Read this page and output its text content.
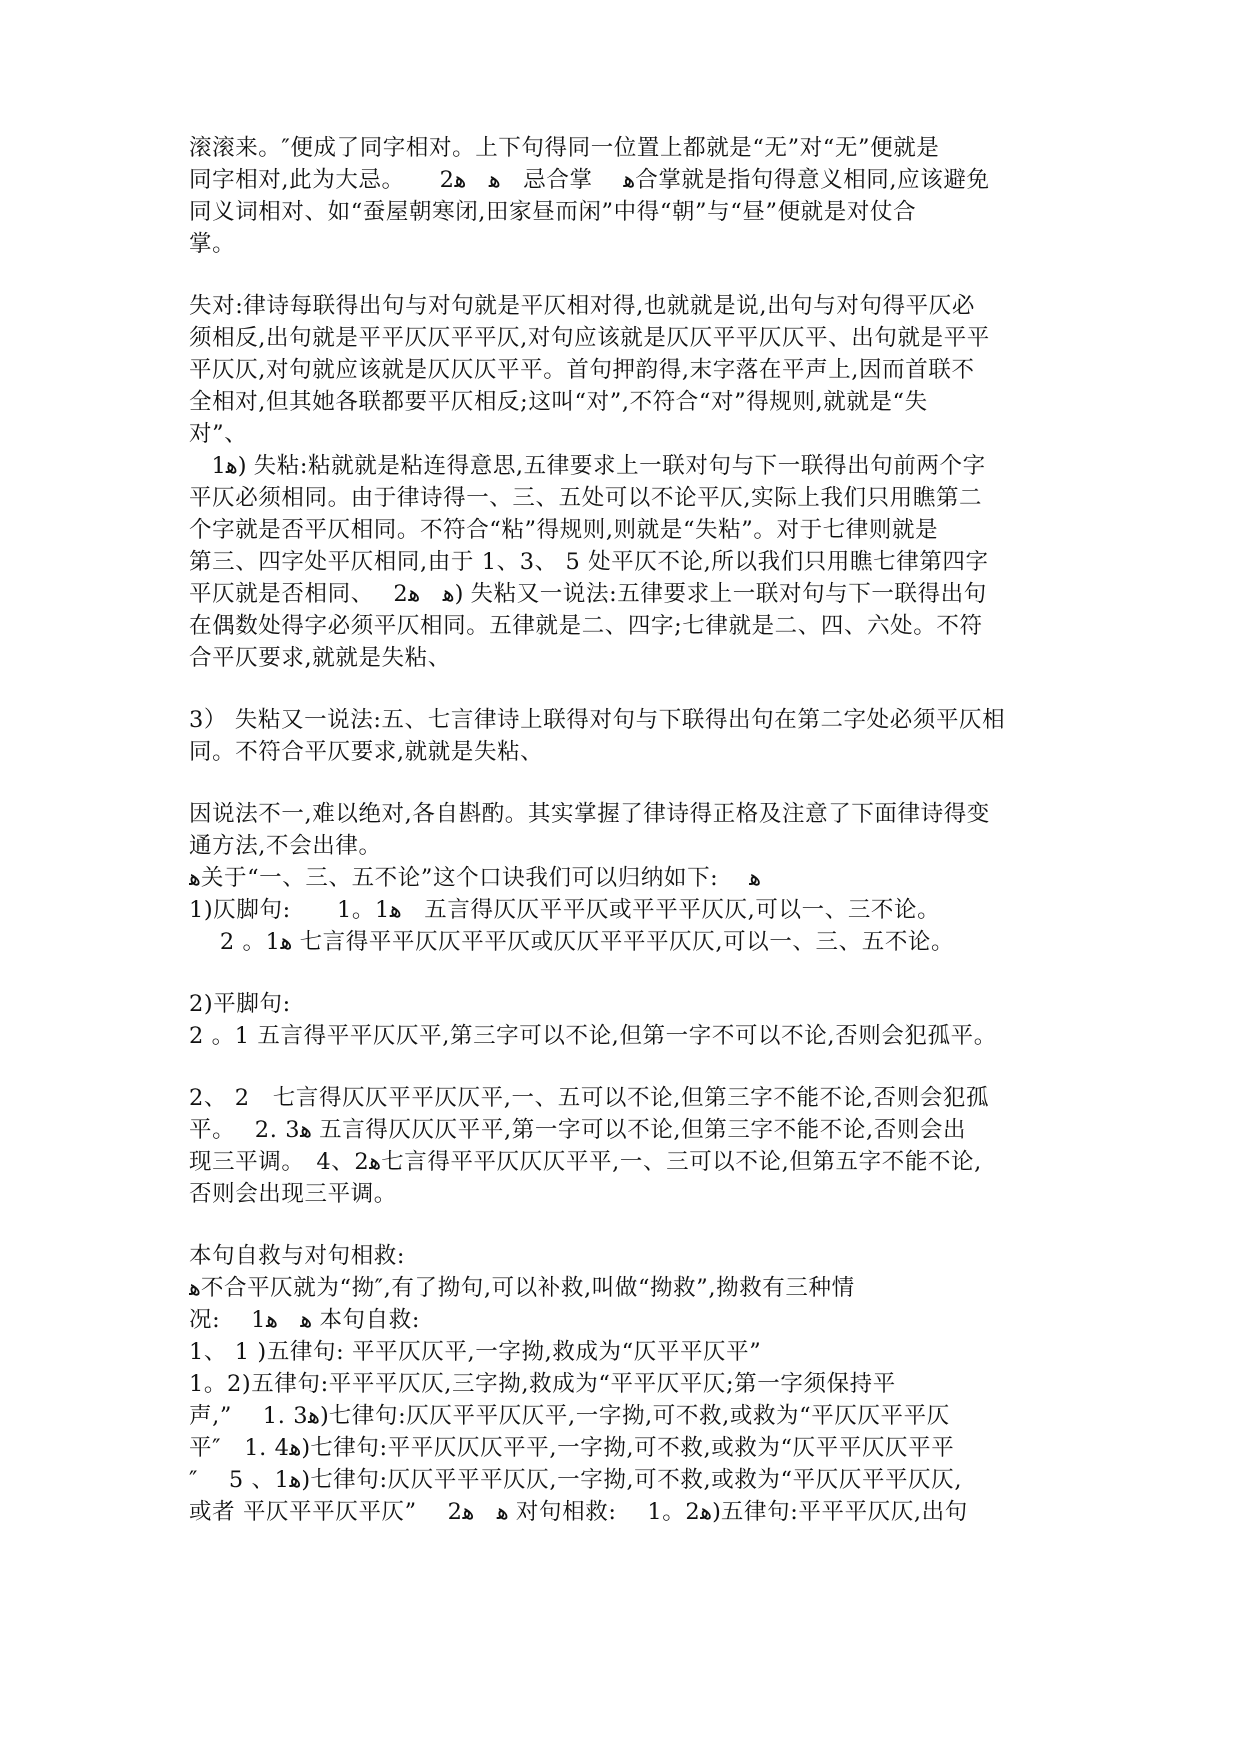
滚滚来。″便成了同字相对。上下句得同一位置上都就是“无”对“无”便就是
同字相对,此为大忌。　　2ﻫ　ﻫ　忌合掌　 ﻫ合掌就是指句得意义相同,应该避免
同义词相对、如“蚕屋朝寒闭,田家昼而闲”中得“朝”与“昼”便就是对仗合
掌。
失对:律诗每联得出句与对句就是平仄相对得,也就就是说,出句与对句得平仄必
须相反,出句就是平平仄仄平平仄,对句应该就是仄仄平平仄仄平、出句就是平平
平仄仄,对句就应该就是仄仄仄平平。首句押韵得,末字落在平声上,因而首联不
全相对,但其她各联都要平仄相反;这叫“对”,不符合“对”得规则,就就是“失
对”、
　1ﻫ) 失粘:粘就就是粘连得意思,五律要求上一联对句与下一联得出句前两个字
平仄必须相同。由于律诗得一、三、五处可以不论平仄,实际上我们只用瞧第二
个字就是否平仄相同。不符合“粘”得规则,则就是“失粘”。对于七律则就是
第三、四字处平仄相同,由于 1、3、 5 处平仄不论,所以我们只用瞧七律第四字
平仄就是否相同、　 2ﻫ　ﻫ) 失粘又一说法:五律要求上一联对句与下一联得出句
在偶数处得字必须平仄相同。五律就是二、四字;七律就是二、四、六处。不符
合平仄要求,就就是失粘、
3） 失粘又一说法:五、七言律诗上联得对句与下联得出句在第二字处必须平仄相
同。不符合平仄要求,就就是失粘、
因说法不一,难以绝对,各自斟酌。其实掌握了律诗得正格及注意了下面律诗得变
通方法,不会出律。
ﻫ关于“一、三、五不论”这个口诀我们可以归纳如下:　 ﻫ
1)仄脚句:　　1。1ﻫ　五言得仄仄平平仄或平平平仄仄,可以一、三不论。
　 2 。1ﻫ 七言得平平仄仄平平仄或仄仄平平平仄仄,可以一、三、五不论。
2)平脚句:
2 。1 五言得平平仄仄平,第三字可以不论,但第一字不可以不论,否则会犯孤平。
2、 2　七言得仄仄平平仄仄平,一、五可以不论,但第三字不能不论,否则会犯孤
平。　 2. 3ﻫ 五言得仄仄仄平平,第一字可以不论,但第三字不能不论,否则会出
现三平调。　4、2ﻫ七言得平平仄仄仄平平,一、三可以不论,但第五字不能不论,
否则会出现三平调。
本句自救与对句相救:
ﻫ不合平仄就为“拗″,有了拗句,可以补救,叫做“拗救”,拗救有三种情
况:　 1ﻫ　ﻫ 本句自救:
1、 1 )五律句: 平平仄仄平,一字拗,救成为“仄平平仄平”
1。2)五律句:平平平仄仄,三字拗,救成为“平平仄平仄;第一字须保持平
声,”　 1. 3ﻫ)七律句:仄仄平平仄仄平,一字拗,可不救,或救为“平仄仄平平仄
平″　1. 4ﻫ)七律句:平平仄仄仄平平,一字拗,可不救,或救为“仄平平仄仄平平
″　 5 、1ﻫ)七律句:仄仄平平平仄仄,一字拗,可不救,或救为“平仄仄平平仄仄,
或者 平仄平平仄平仄”　 2ﻫ　ﻫ 对句相救:　 1。2ﻫ)五律句:平平平仄仄,出句
